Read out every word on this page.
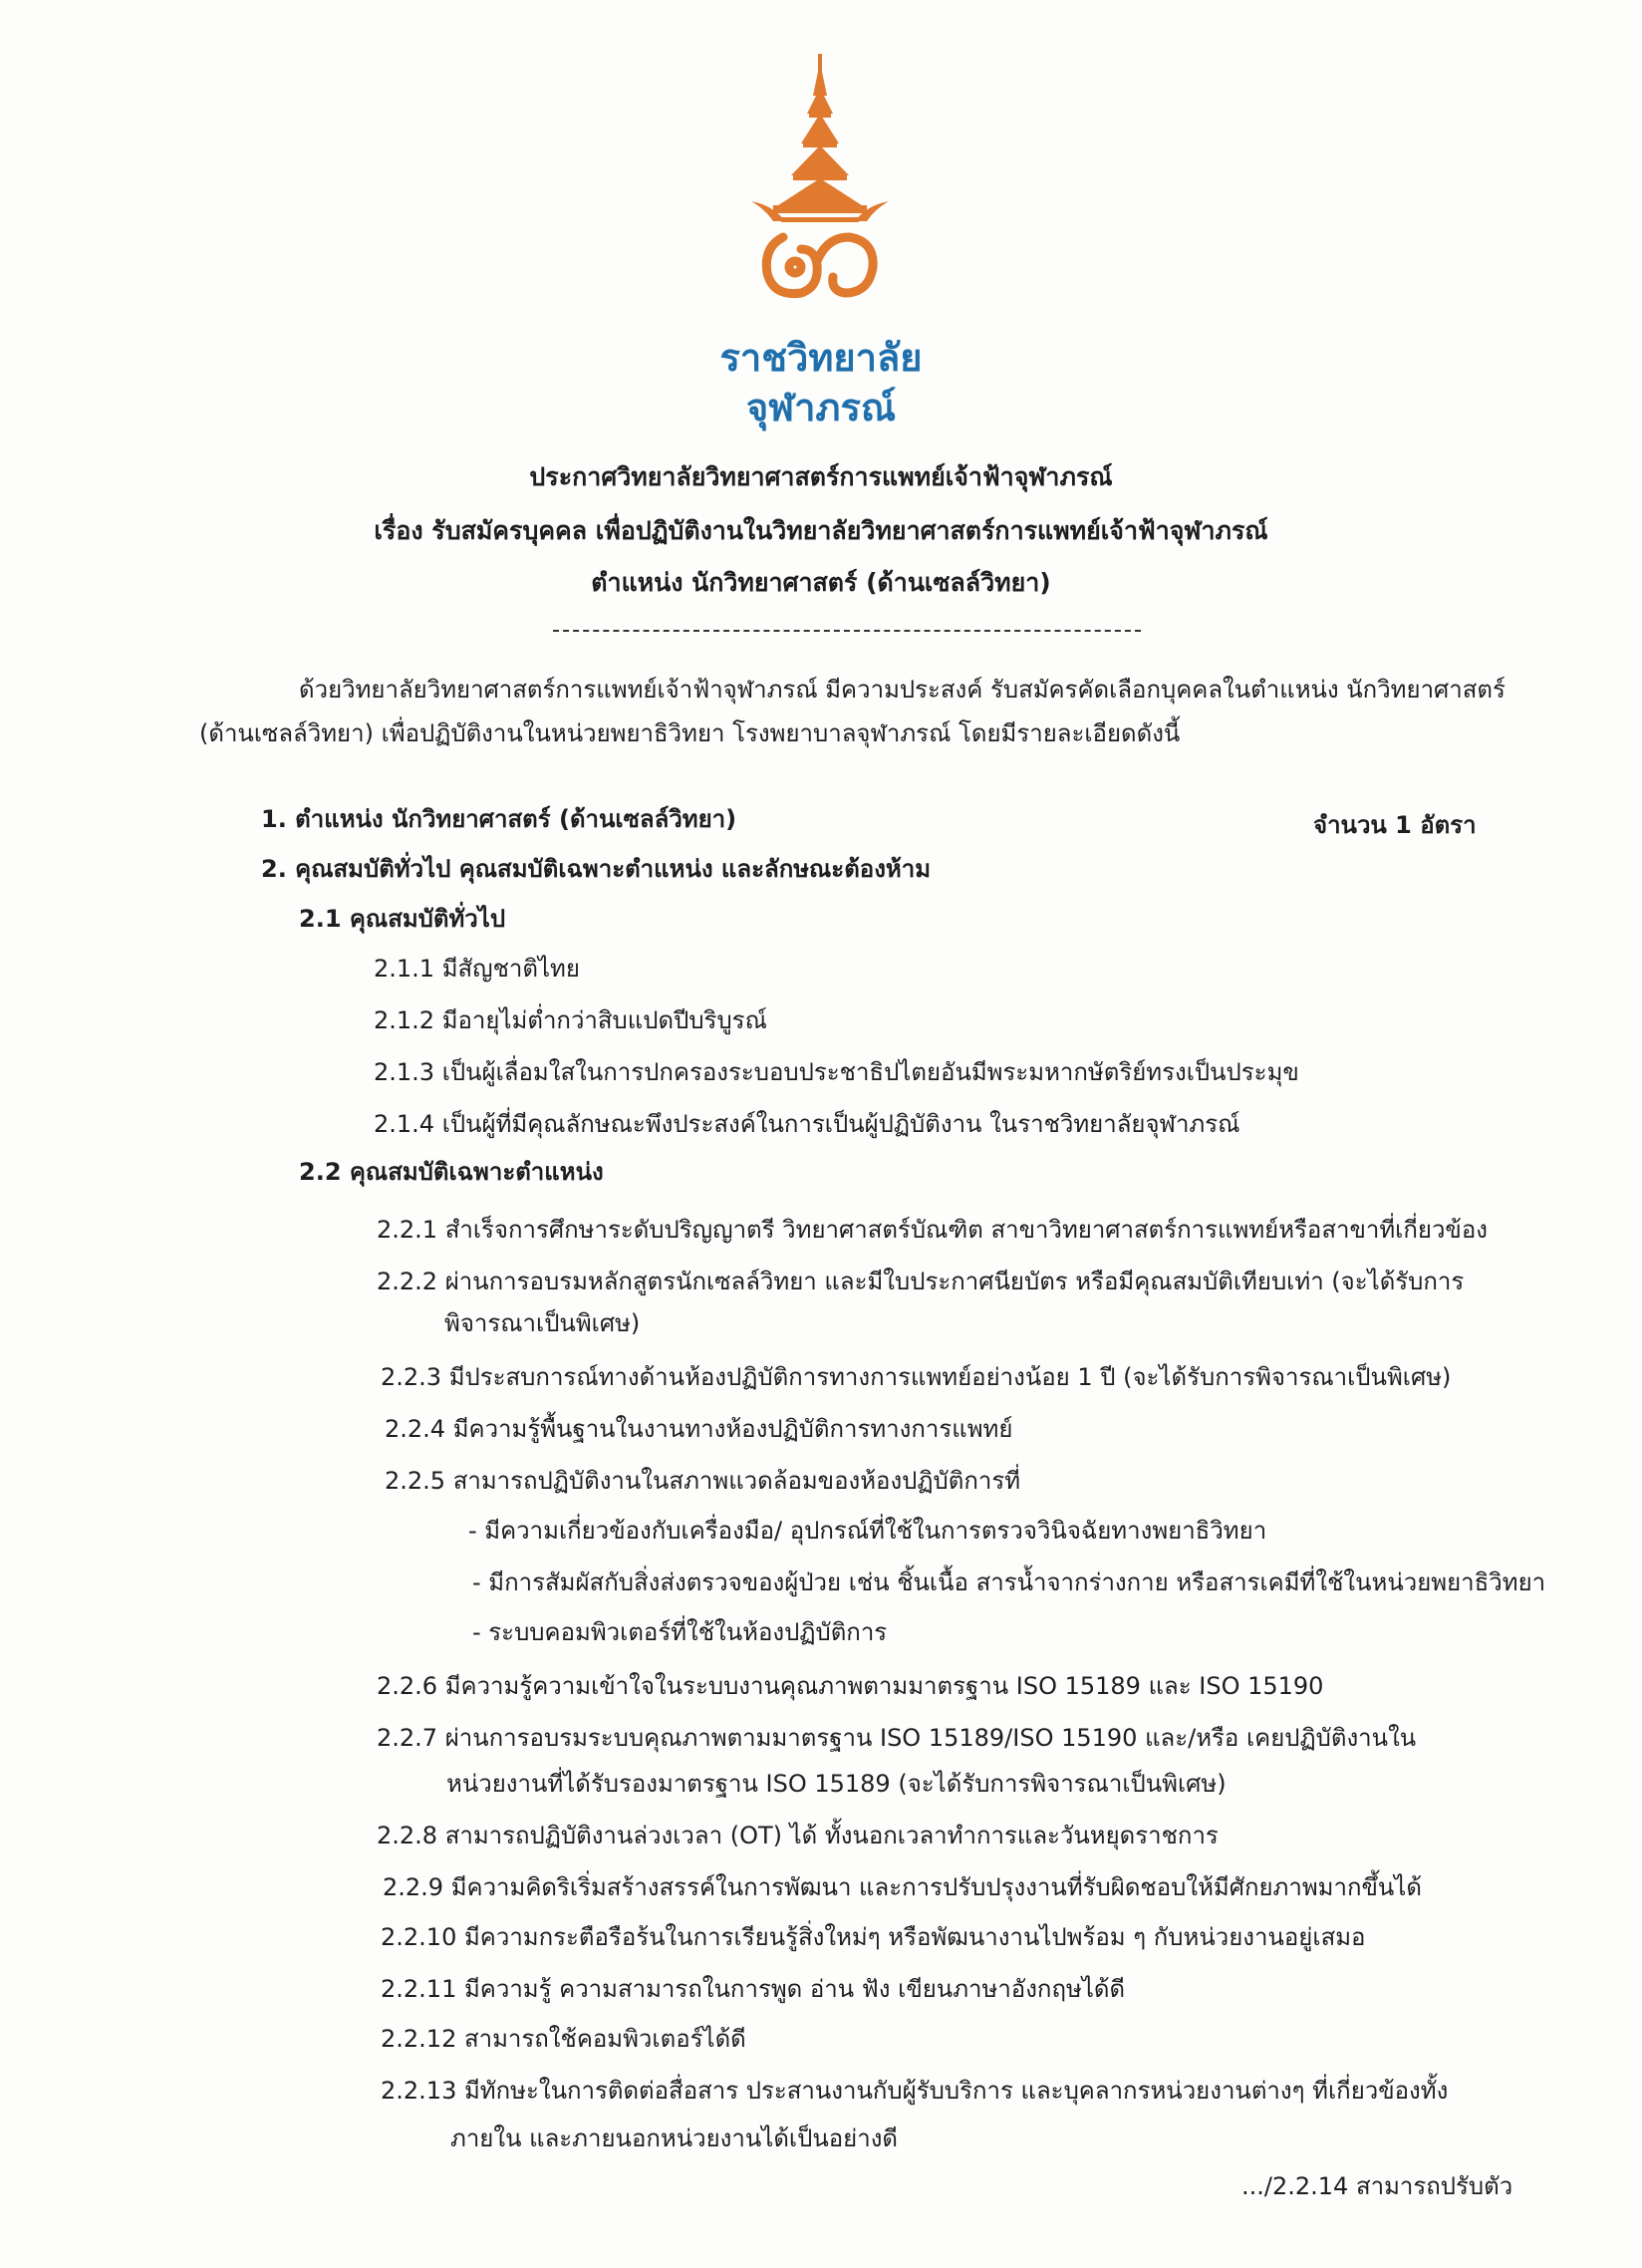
ราชวิทยาลัย
จุฬาภรณ์
ประกาศวิทยาลัยวิทยาศาสตร์การแพทย์เจ้าฟ้าจุฬาภรณ์
เรื่อง รับสมัครบุคคล เพื่อปฏิบัติงานในวิทยาลัยวิทยาศาสตร์การแพทย์เจ้าฟ้าจุฬาภรณ์
ตำแหน่ง นักวิทยาศาสตร์ (ด้านเซลล์วิทยา)
ด้วยวิทยาลัยวิทยาศาสตร์การแพทย์เจ้าฟ้าจุฬาภรณ์ มีความประสงค์ รับสมัครคัดเลือกบุคคลในตำแหน่ง นักวิทยาศาสตร์
(ด้านเซลล์วิทยา) เพื่อปฏิบัติงานในหน่วยพยาธิวิทยา โรงพยาบาลจุฬาภรณ์ โดยมีรายละเอียดดังนี้
1. ตำแหน่ง นักวิทยาศาสตร์ (ด้านเซลล์วิทยา)	จำนวน 1 อัตรา
2. คุณสมบัติทั่วไป คุณสมบัติเฉพาะตำแหน่ง และลักษณะต้องห้าม
2.1 คุณสมบัติทั่วไป
2.1.1 มีสัญชาติไทย
2.1.2 มีอายุไม่ต่ำกว่าสิบแปดปีบริบูรณ์
2.1.3 เป็นผู้เลื่อมใสในการปกครองระบอบประชาธิปไตยอันมีพระมหากษัตริย์ทรงเป็นประมุข
2.1.4 เป็นผู้ที่มีคุณลักษณะพึงประสงค์ในการเป็นผู้ปฏิบัติงาน ในราชวิทยาลัยจุฬาภรณ์
2.2 คุณสมบัติเฉพาะตำแหน่ง
2.2.1 สำเร็จการศึกษาระดับปริญญาตรี วิทยาศาสตร์บัณฑิต สาขาวิทยาศาสตร์การแพทย์หรือสาขาที่เกี่ยวข้อง
2.2.2 ผ่านการอบรมหลักสูตรนักเซลล์วิทยา และมีใบประกาศนียบัตร หรือมีคุณสมบัติเทียบเท่า (จะได้รับการ
พิจารณาเป็นพิเศษ)
2.2.3 มีประสบการณ์ทางด้านห้องปฏิบัติการทางการแพทย์อย่างน้อย 1 ปี (จะได้รับการพิจารณาเป็นพิเศษ)
2.2.4 มีความรู้พื้นฐานในงานทางห้องปฏิบัติการทางการแพทย์
2.2.5 สามารถปฏิบัติงานในสภาพแวดล้อมของห้องปฏิบัติการที่
- มีความเกี่ยวข้องกับเครื่องมือ/ อุปกรณ์ที่ใช้ในการตรวจวินิจฉัยทางพยาธิวิทยา
- มีการสัมผัสกับสิ่งส่งตรวจของผู้ป่วย เช่น ชิ้นเนื้อ สารน้ำจากร่างกาย หรือสารเคมีที่ใช้ในหน่วยพยาธิวิทยา
- ระบบคอมพิวเตอร์ที่ใช้ในห้องปฏิบัติการ
2.2.6 มีความรู้ความเข้าใจในระบบงานคุณภาพตามมาตรฐาน ISO 15189 และ ISO 15190
2.2.7 ผ่านการอบรมระบบคุณภาพตามมาตรฐาน ISO 15189/ISO 15190 และ/หรือ เคยปฏิบัติงานใน
หน่วยงานที่ได้รับรองมาตรฐาน ISO 15189 (จะได้รับการพิจารณาเป็นพิเศษ)
2.2.8 สามารถปฏิบัติงานล่วงเวลา (OT) ได้ ทั้งนอกเวลาทำการและวันหยุดราชการ
2.2.9 มีความคิดริเริ่มสร้างสรรค์ในการพัฒนา และการปรับปรุงงานที่รับผิดชอบให้มีศักยภาพมากขึ้นได้
2.2.10 มีความกระตือรือร้นในการเรียนรู้สิ่งใหม่ๆ หรือพัฒนางานไปพร้อม ๆ กับหน่วยงานอยู่เสมอ
2.2.11 มีความรู้ ความสามารถในการพูด อ่าน ฟัง เขียนภาษาอังกฤษได้ดี
2.2.12 สามารถใช้คอมพิวเตอร์ได้ดี
2.2.13 มีทักษะในการติดต่อสื่อสาร ประสานงานกับผู้รับบริการ และบุคลากรหน่วยงานต่างๆ ที่เกี่ยวข้องทั้ง
ภายใน และภายนอกหน่วยงานได้เป็นอย่างดี
.../2.2.14 สามารถปรับตัว
